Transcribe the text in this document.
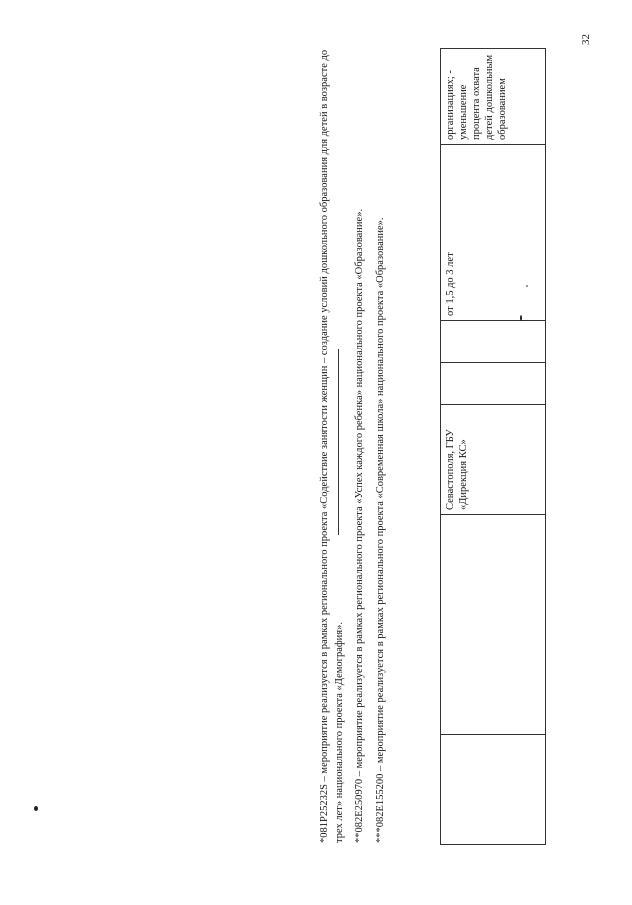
32
		Севастополя, ГБУ «Дирекция КС»			от 1,5 до 3 лет	организациях; - уменьшение процента охвата детей дошкольным образованием

*081P25232S – мероприятие реализуется в рамках регионального проекта «Содействие занятости женщин – создание условий дошкольного образования для детей в возрасте до трех лет» национального проекта «Демография». **082E250970 – мероприятие реализуется в рамках регионального проекта «Успех каждого ребенка» национального проекта «Образование». ***082E155200 – мероприятие реализуется в рамках регионального проекта «Современная школа» национального проекта «Образование».
